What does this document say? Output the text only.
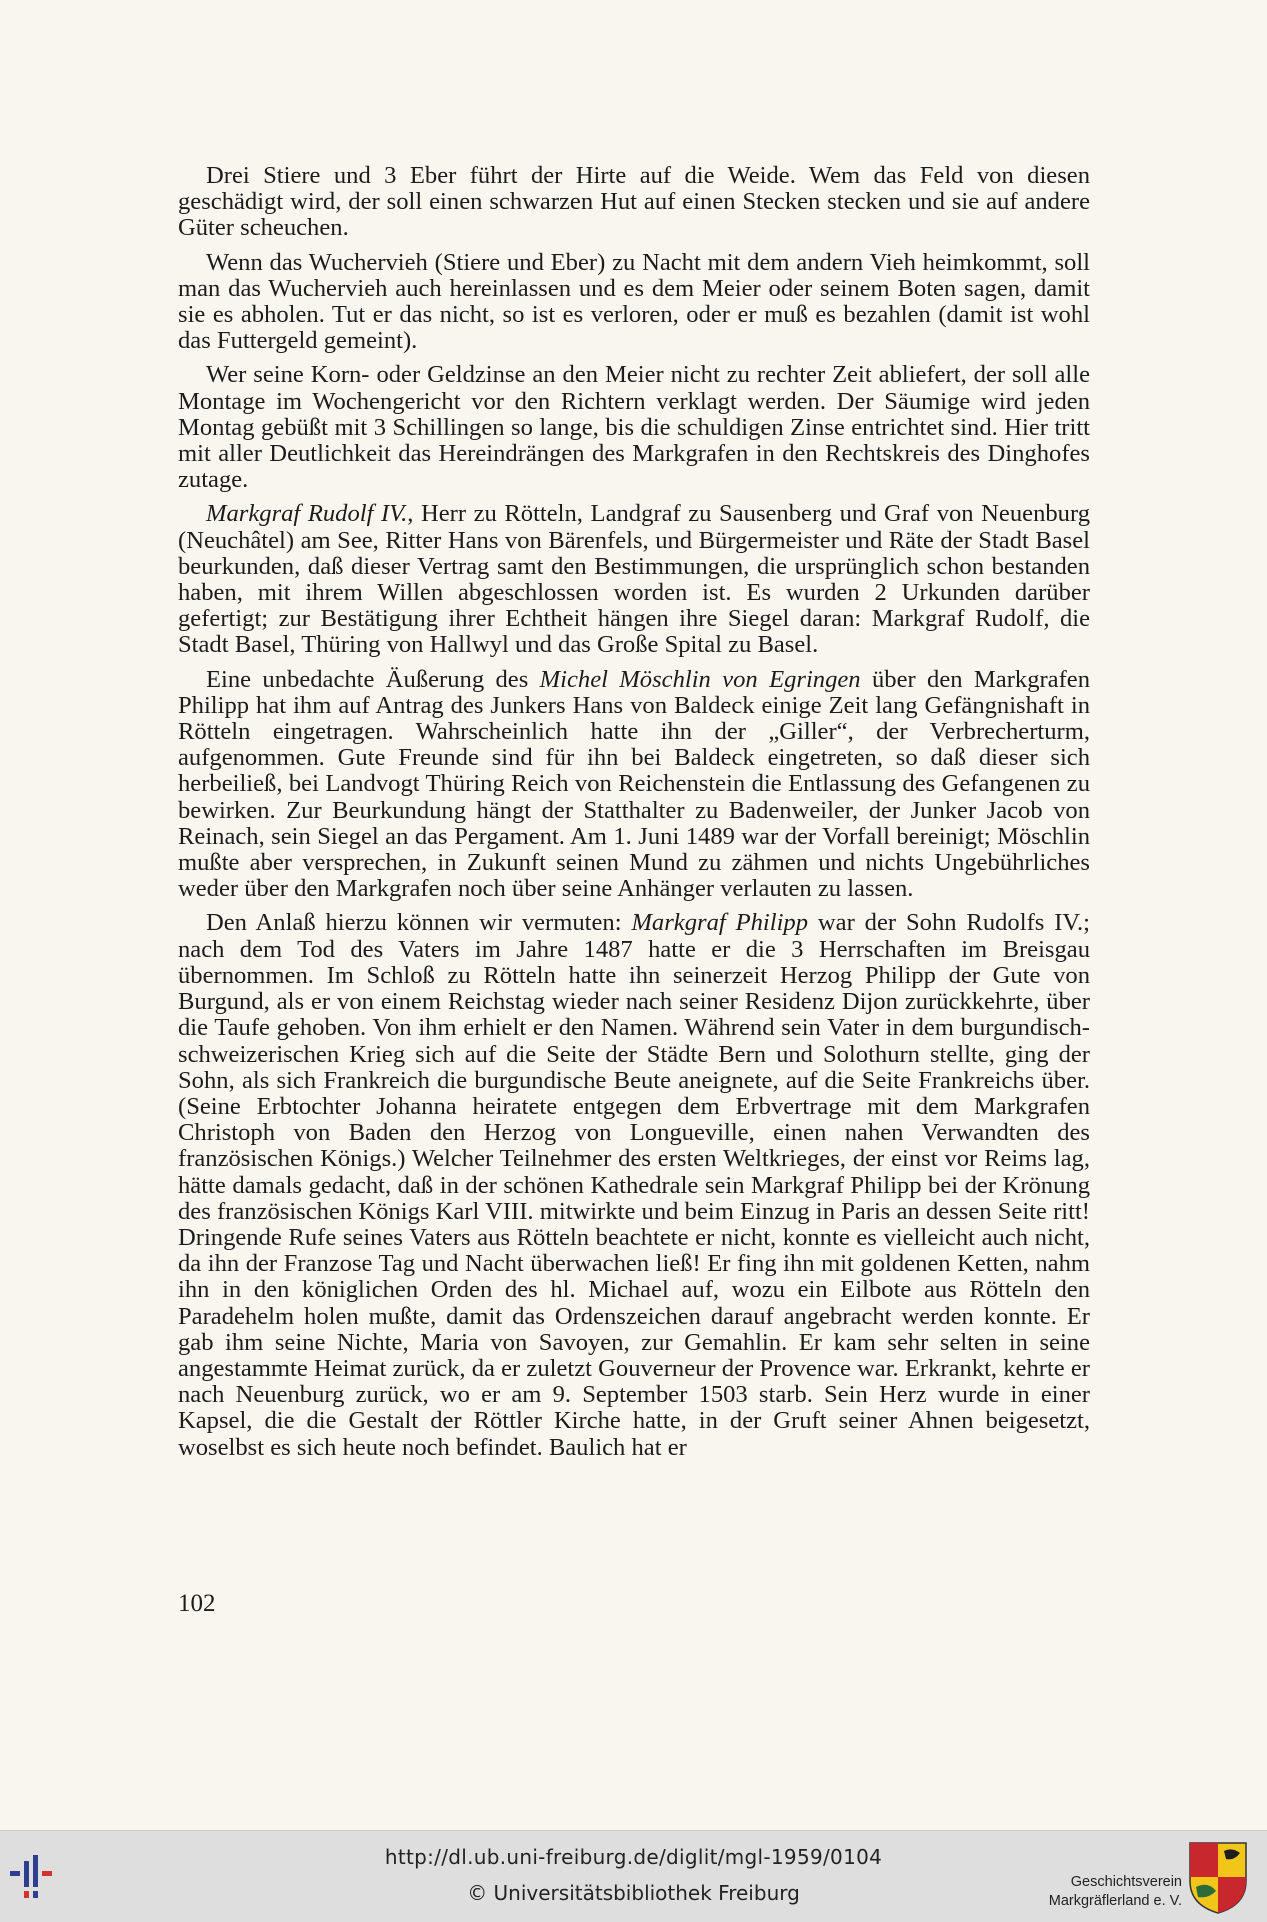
Drei Stiere und 3 Eber führt der Hirte auf die Weide. Wem das Feld von diesen geschädigt wird, der soll einen schwarzen Hut auf einen Stecken stecken und sie auf andere Güter scheuchen.

Wenn das Wuchervieh (Stiere und Eber) zu Nacht mit dem andern Vieh heimkommt, soll man das Wuchervieh auch hereinlassen und es dem Meier oder seinem Boten sagen, damit sie es abholen. Tut er das nicht, so ist es verloren, oder er muß es bezahlen (damit ist wohl das Futtergeld gemeint).

Wer seine Korn- oder Geldzinse an den Meier nicht zu rechter Zeit abliefert, der soll alle Montage im Wochengericht vor den Richtern verklagt werden. Der Säumige wird jeden Montag gebüßt mit 3 Schillingen so lange, bis die schuldigen Zinse entrichtet sind. Hier tritt mit aller Deutlichkeit das Hereindrängen des Markgrafen in den Rechtskreis des Dinghofes zutage.

Markgraf Rudolf IV., Herr zu Rötteln, Landgraf zu Sausenberg und Graf von Neuenburg (Neuchâtel) am See, Ritter Hans von Bärenfels, und Bürgermeister und Räte der Stadt Basel beurkunden, daß dieser Vertrag samt den Bestimmungen, die ursprünglich schon bestanden haben, mit ihrem Willen abgeschlossen worden ist. Es wurden 2 Urkunden darüber gefertigt; zur Bestätigung ihrer Echtheit hängen ihre Siegel daran: Markgraf Rudolf, die Stadt Basel, Thüring von Hallwyl und das Große Spital zu Basel.

Eine unbedachte Äußerung des Michel Möschlin von Egringen über den Markgrafen Philipp hat ihm auf Antrag des Junkers Hans von Baldeck einige Zeit lang Gefängnishaft in Rötteln eingetragen. Wahrscheinlich hatte ihn der „Giller“, der Verbrecherturm, aufgenommen. Gute Freunde sind für ihn bei Baldeck eingetreten, so daß dieser sich herbeiließ, bei Landvogt Thüring Reich von Reichenstein die Entlassung des Gefangenen zu bewirken. Zur Beurkundung hängt der Statthalter zu Badenweiler, der Junker Jacob von Reinach, sein Siegel an das Pergament. Am 1. Juni 1489 war der Vorfall bereinigt; Möschlin mußte aber versprechen, in Zukunft seinen Mund zu zähmen und nichts Ungebührliches weder über den Markgrafen noch über seine Anhänger verlauten zu lassen.

Den Anlaß hierzu können wir vermuten: Markgraf Philipp war der Sohn Rudolfs IV.; nach dem Tod des Vaters im Jahre 1487 hatte er die 3 Herrschaften im Breisgau übernommen. Im Schloß zu Rötteln hatte ihn seinerzeit Herzog Philipp der Gute von Burgund, als er von einem Reichstag wieder nach seiner Residenz Dijon zurückkehrte, über die Taufe gehoben. Von ihm erhielt er den Namen. Während sein Vater in dem burgundisch-schweizerischen Krieg sich auf die Seite der Städte Bern und Solothurn stellte, ging der Sohn, als sich Frankreich die burgundische Beute aneignete, auf die Seite Frankreichs über. (Seine Erbtochter Johanna heiratete entgegen dem Erbvertrage mit dem Markgrafen Christoph von Baden den Herzog von Longueville, einen nahen Verwandten des französischen Königs.) Welcher Teilnehmer des ersten Weltkrieges, der einst vor Reims lag, hätte damals gedacht, daß in der schönen Kathedrale sein Markgraf Philipp bei der Krönung des französischen Königs Karl VIII. mitwirkte und beim Einzug in Paris an dessen Seite ritt! Dringende Rufe seines Vaters aus Rötteln beachtete er nicht, konnte es vielleicht auch nicht, da ihn der Franzose Tag und Nacht überwachen ließ! Er fing ihn mit goldenen Ketten, nahm ihn in den königlichen Orden des hl. Michael auf, wozu ein Eilbote aus Rötteln den Paradehelm holen mußte, damit das Ordenszeichen darauf angebracht werden konnte. Er gab ihm seine Nichte, Maria von Savoyen, zur Gemahlin. Er kam sehr selten in seine angestammte Heimat zurück, da er zuletzt Gouverneur der Provence war. Erkrankt, kehrte er nach Neuenburg zurück, wo er am 9. September 1503 starb. Sein Herz wurde in einer Kapsel, die die Gestalt der Röttler Kirche hatte, in der Gruft seiner Ahnen beigesetzt, woselbst es sich heute noch befindet. Baulich hat er

102
http://dl.ub.uni-freiburg.de/diglit/mgl-1959/0104
© Universitätsbibliothek Freiburg	Geschichtsverein
Markgräflerland e. V.
